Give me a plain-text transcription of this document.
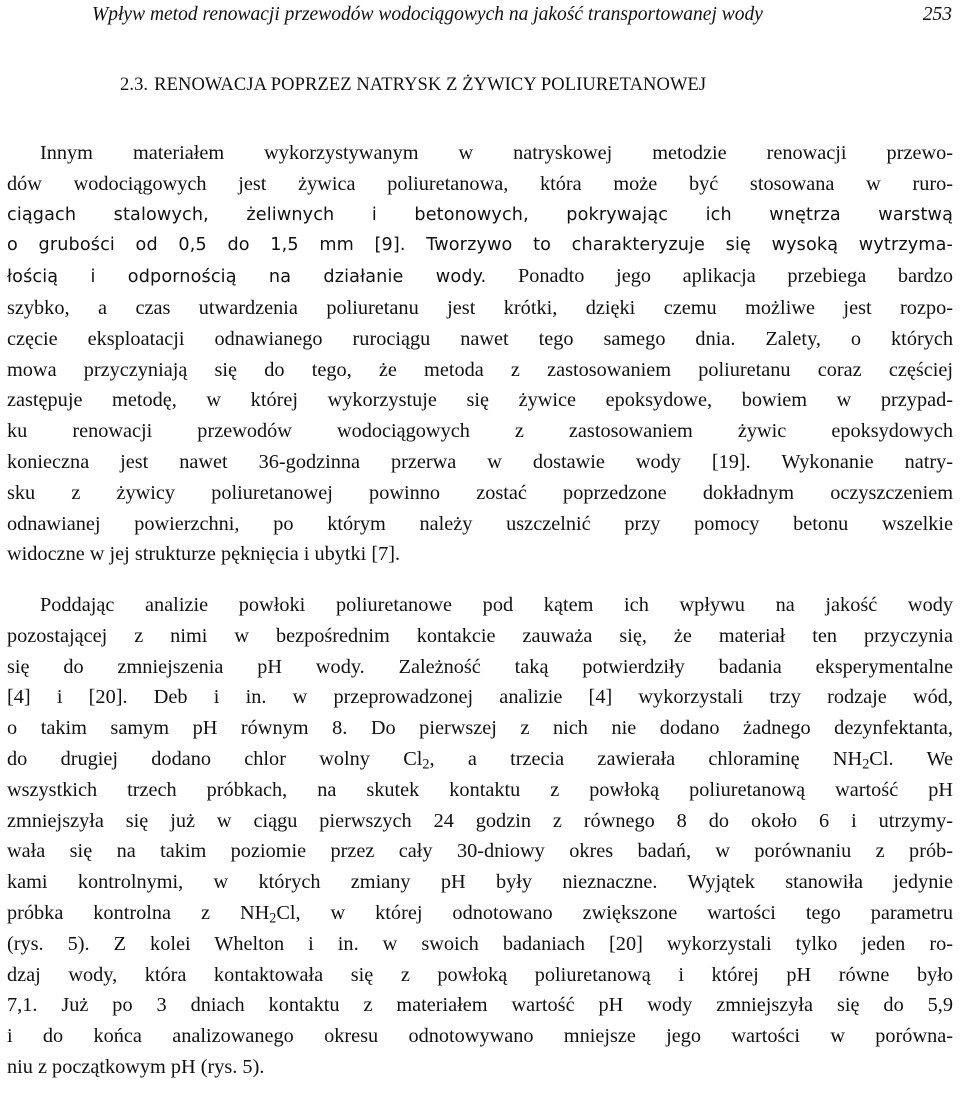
Wpływ metod renowacji przewodów wodociągowych na jakość transportowanej wody	253
2.3. RENOWACJA POPRZEZ NATRYSK Z ŻYWICY POLIURETANOWEJ
Innym materiałem wykorzystywanym w natryskowej metodzie renowacji przewo-
dów wodociągowych jest żywica poliuretanowa, która może być stosowana w ruro-
ciągach stalowych, żeliwnych i betonowych, pokrywając ich wnętrza warstwą
o grubości od 0,5 do 1,5 mm [9]. Tworzywo to charakteryzuje się wysoką wytrzyma-
łością i odpornością na działanie wody. Ponadto jego aplikacja przebiega bardzo
szybko, a czas utwardzenia poliuretanu jest krótki, dzięki czemu możliwe jest rozpo-
częcie eksploatacji odnawianego rurociągu nawet tego samego dnia. Zalety, o których
mowa przyczyniają się do tego, że metoda z zastosowaniem poliuretanu coraz częściej
zastępuje metodę, w której wykorzystuje się żywice epoksydowe, bowiem w przypad-
ku renowacji przewodów wodociągowych z zastosowaniem żywic epoksydowych
konieczna jest nawet 36-godzinna przerwa w dostawie wody [19]. Wykonanie natry-
sku z żywicy poliuretanowej powinno zostać poprzedzone dokładnym oczyszczeniem
odnawianej powierzchni, po którym należy uszczelnić przy pomocy betonu wszelkie
widoczne w jej strukturze pęknięcia i ubytki [7].
Poddając analizie powłoki poliuretanowe pod kątem ich wpływu na jakość wody
pozostającej z nimi w bezpośrednim kontakcie zauważa się, że materiał ten przyczynia
się do zmniejszenia pH wody. Zależność taką potwierdziły badania eksperymentalne
[4] i [20]. Deb i in. w przeprowadzonej analizie [4] wykorzystali trzy rodzaje wód,
o takim samym pH równym 8. Do pierwszej z nich nie dodano żadnego dezynfektanta,
do drugiej dodano chlor wolny $Cl_2$, a trzecia zawierała chloraminę $NH_2Cl$. We
wszystkich trzech próbkach, na skutek kontaktu z powłoką poliuretanową wartość pH
zmniejszyła się już w ciągu pierwszych 24 godzin z równego 8 do około 6 i utrzymy-
wała się na takim poziomie przez cały 30-dniowy okres badań, w porównaniu z prób-
kami kontrolnymi, w których zmiany pH były nieznaczne. Wyjątek stanowiła jedynie
próbka kontrolna z $NH_2Cl$, w której odnotowano zwiększone wartości tego parametru
(rys. 5). Z kolei Whelton i in. w swoich badaniach [20] wykorzystali tylko jeden ro-
dzaj wody, która kontaktowała się z powłoką poliuretanową i której pH równe było
7,1. Już po 3 dniach kontaktu z materiałem wartość pH wody zmniejszyła się do 5,9
i do końca analizowanego okresu odnotowywano mniejsze jego wartości w porówna-
niu z początkowym pH (rys. 5).
